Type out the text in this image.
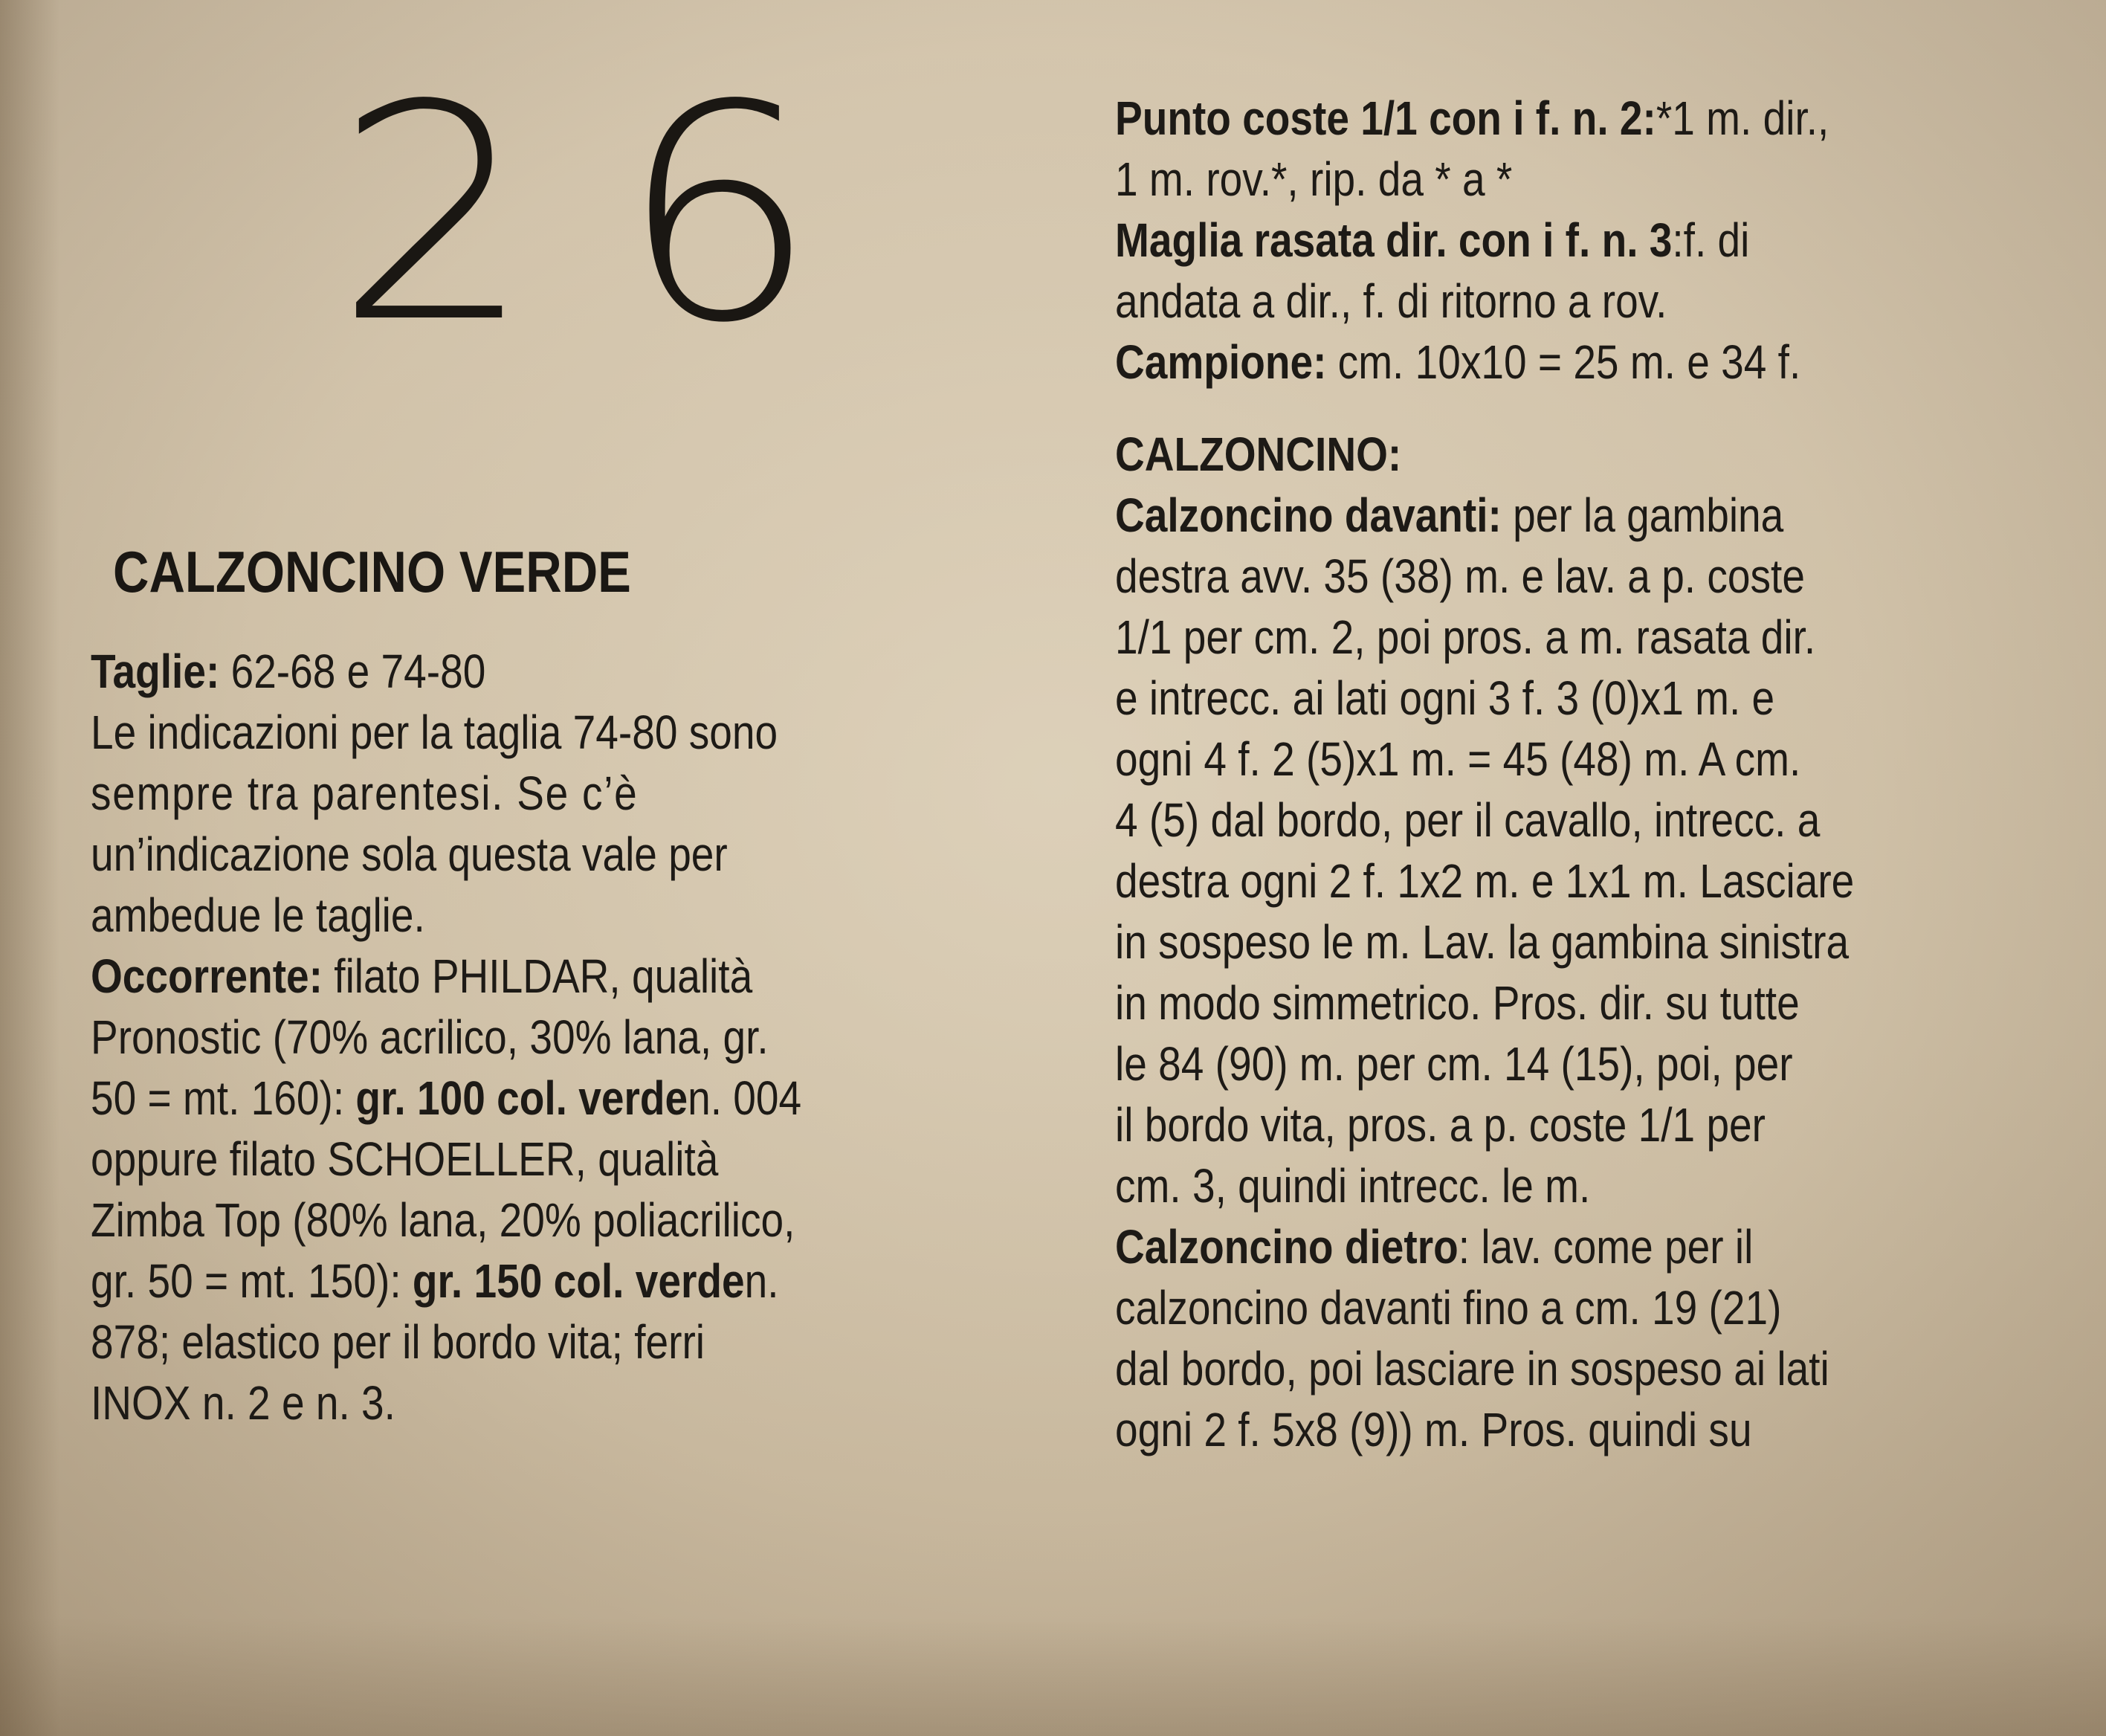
26
CALZONCINO VERDE
Taglie: 62-68 e 74-80
Le indicazioni per la taglia 74-80 sono
sempre tra parentesi. Se c’è
un’indicazione sola questa vale per
ambedue le taglie.
Occorrente: filato PHILDAR, qualità
Pronostic (70% acrilico, 30% lana, gr.
50 = mt. 160): gr. 100 col. verden. 004
oppure filato SCHOELLER, qualità
Zimba Top (80% lana, 20% poliacrilico,
gr. 50 = mt. 150): gr. 150 col. verden.
878; elastico per il bordo vita; ferri
INOX n. 2 e n. 3.
Punto coste 1/1 con i f. n. 2:*1 m. dir.,
1 m. rov.*, rip. da * a *
Maglia rasata dir. con i f. n. 3:f. di
andata a dir., f. di ritorno a rov.
Campione: cm. 10x10 = 25 m. e 34 f.
CALZONCINO:
Calzoncino davanti: per la gambina
destra avv. 35 (38) m. e lav. a p. coste
1/1 per cm. 2, poi pros. a m. rasata dir.
e intrecc. ai lati ogni 3 f. 3 (0)x1 m. e
ogni 4 f. 2 (5)x1 m. = 45 (48) m. A cm.
4 (5) dal bordo, per il cavallo, intrecc. a
destra ogni 2 f. 1x2 m. e 1x1 m. Lasciare
in sospeso le m. Lav. la gambina sinistra
in modo simmetrico. Pros. dir. su tutte
le 84 (90) m. per cm. 14 (15), poi, per
il bordo vita, pros. a p. coste 1/1 per
cm. 3, quindi intrecc. le m.
Calzoncino dietro: lav. come per il
calzoncino davanti fino a cm. 19 (21)
dal bordo, poi lasciare in sospeso ai lati
ogni 2 f. 5x8 (9)) m. Pros. quindi su
